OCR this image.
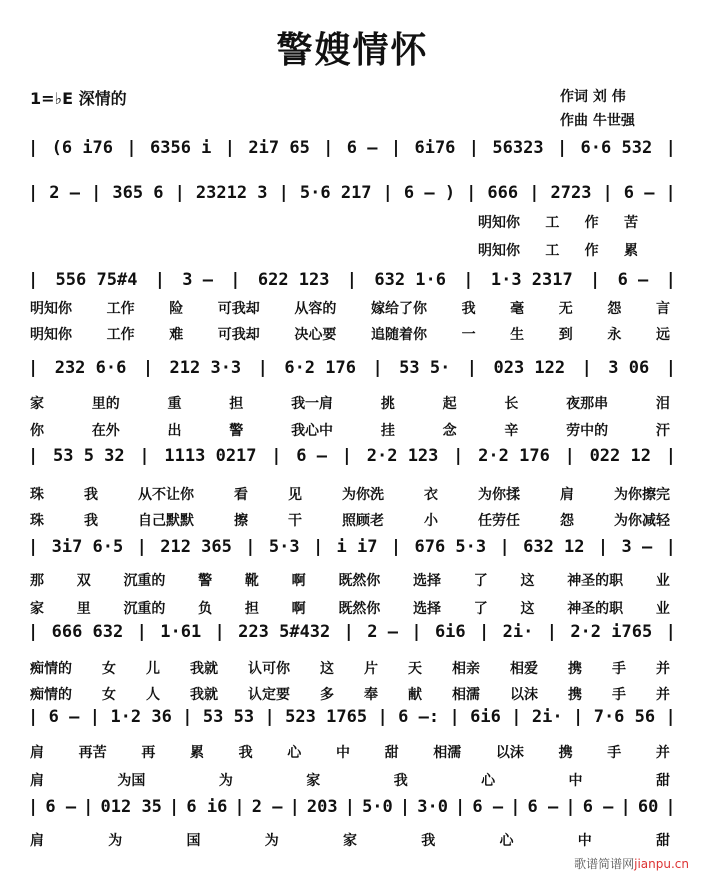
警嫂情怀
1=♭E 深情的	作词 刘 伟
作曲 牛世强
| (6 i76 | 6356 i | 2i7 65 | 6 – | 6i76 | 56323 | 6·6 532 |
| 2 – | 365 6 | 23212 3 | 5·6 217 | 6 – ) | 666 | 2723 | 6 – |
明知你 工 作 苦
明知你 工 作 累
| 556 75#4 | 3 – | 622 123 | 632 1·6 | 1·3 2317 | 6 – |
明知你 工作 险 可我却 从容的 嫁给了你 我 毫 无 怨 言
明知你 工作 难 可我却 决心要 追随着你 一 生 到 永 远
| 232 6·6 | 212 3·3 | 6·2 176 | 53 5· | 023 122 | 3 06 |
家	里的	重	担	我一肩	挑	起	长	夜那串	泪
你	在外	出	警	我心中	挂	念	辛	劳中的	汗
| 53 5 32 | 1113 0217 | 6 – | 2·2 123 | 2·2 176 | 022 12 |
珠	我	从不让你	看	见	为你洗	衣	为你揉	肩	为你擦完
珠	我	自己默默	擦	干	照顾老	小	任劳任	怨	为你减轻
| 3i7 6·5 | 212 365 | 5·3 | i i7 | 676 5·3 | 632 12 | 3 – |
那 双 沉重的 警 靴 啊 既然你 选择 了 这 神圣的职 业
家 里 沉重的 负 担 啊 既然你 选择 了 这 神圣的职 业
| 666 632 | 1·61 | 223 5#432 | 2 – | 6i6 | 2i· | 2·2 i765 |
痴情的 女 儿 我就 认可你 这 片 天 相亲 相爱 携 手 并
痴情的 女 人 我就 认定要 多 奉 献 相濡 以沫 携 手 并
| 6 – | 1·2 36 | 53 53 | 523 1765 | 6 –: | 6i6 | 2i· | 7·6 56 |
肩 再苦 再 累 我 心 中 甜 相濡 以沫 携 手 并
肩	为国	为	家	我	心	中	甜
| 6 – | 012 35 | 6 i6 | 2 – | 203 | 5·0 | 3·0 | 6 – | 6 – | 6 – | 60 |
肩	为	国	为	家	我	心	中	甜
歌谱简谱网jianpu.cn
